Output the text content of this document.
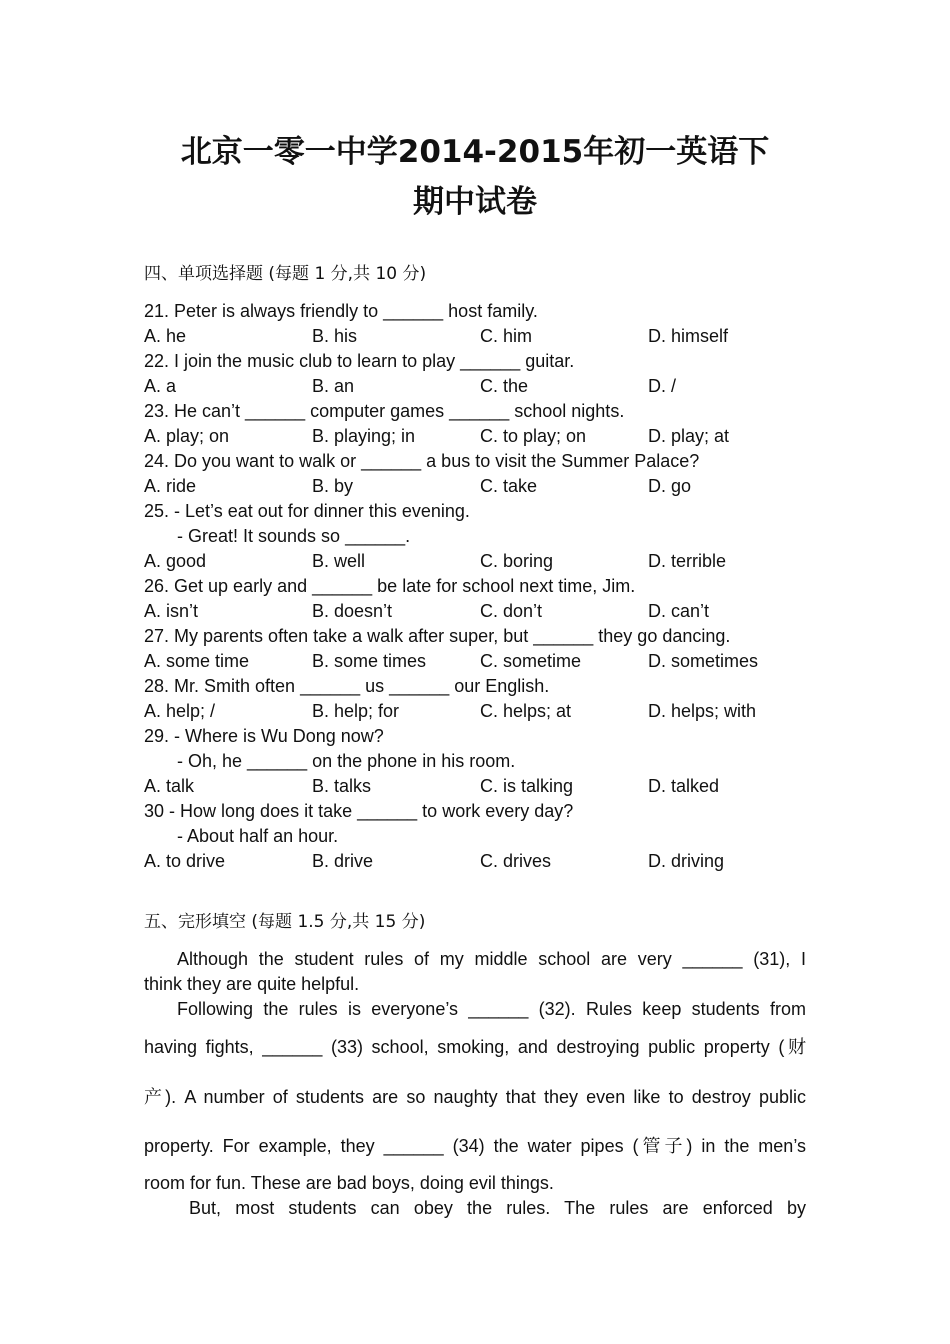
北京一零一中学2014-2015年初一英语下
期中试卷
四、单项选择题 (每题 1 分,共 10 分)
21. Peter is always friendly to ______ host family.
A. he	B. his	C. him	D. himself
22. I join the music club to learn to play ______ guitar.
A. a	B. an	C. the	D. /
23. He can’t ______ computer games ______ school nights.
A. play; on	B. playing; in	C. to play; on	D. play; at
24. Do you want to walk or ______ a bus to visit the Summer Palace?
A. ride	B. by	C. take	D. go
25. - Let’s eat out for dinner this evening.
- Great! It sounds so ______.
A. good	B. well	C. boring	D. terrible
26. Get up early and ______ be late for school next time, Jim.
A. isn’t	B. doesn’t	C. don’t	D. can’t
27. My parents often take a walk after super, but ______ they go dancing.
A. some time	B. some times	C. sometime	D. sometimes
28. Mr. Smith often ______ us ______ our English.
A. help; /	B. help; for	C. helps; at	D. helps; with
29. - Where is Wu Dong now?
- Oh, he ______ on the phone in his room.
A. talk	B. talks	C. is talking	D. talked
30 - How long does it take ______ to work every day?
- About half an hour.
A. to drive	B. drive	C. drives	D. driving
五、完形填空 (每题 1.5 分,共 15 分)
Although the student rules of my middle school are very ______ (31), I
think they are quite helpful.
Following the rules is everyone’s ______ (32). Rules keep students from
having fights, ______ (33) school, smoking, and destroying public property (财
产). A number of students are so naughty that they even like to destroy public
property. For example, they ______ (34) the water pipes (管子) in the men’s
room for fun. These are bad boys, doing evil things.
But, most students can obey the rules. The rules are enforced by
